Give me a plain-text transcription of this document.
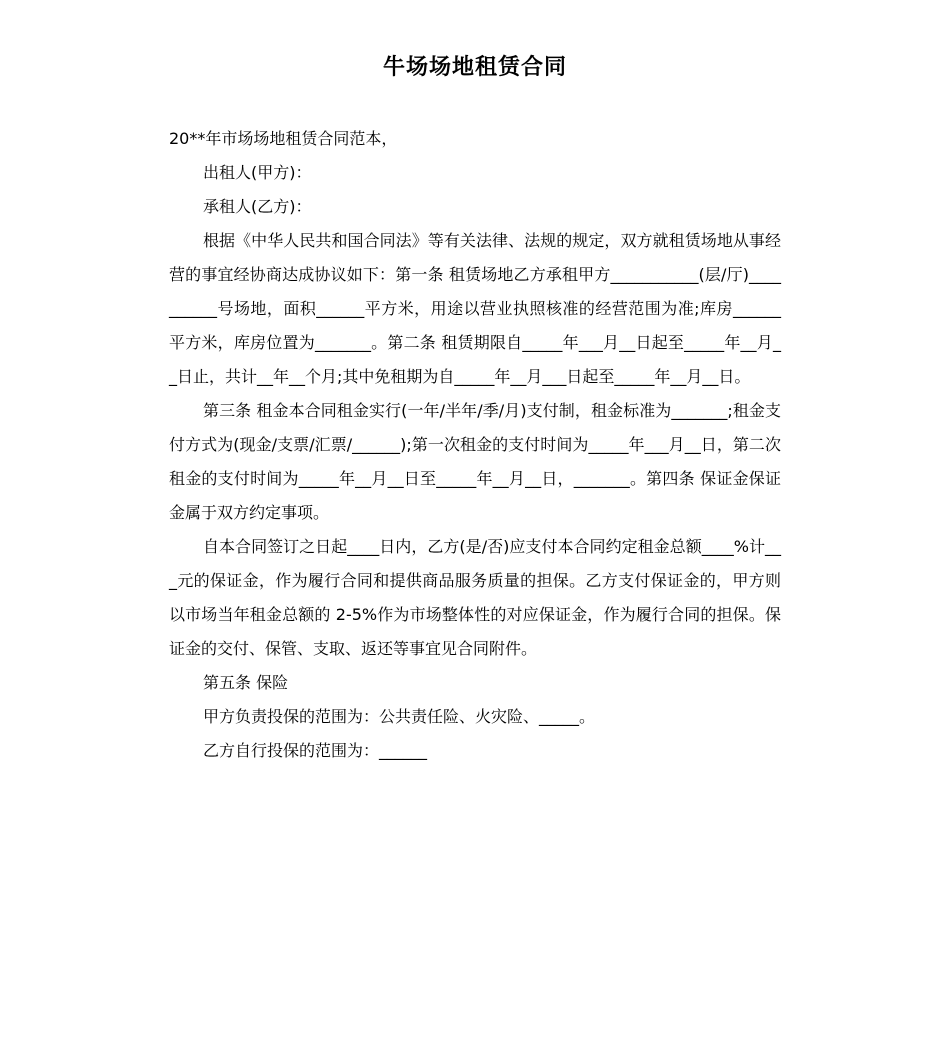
牛场场地租赁合同

20**年市场场地租赁合同范本，

出租人(甲方)：

承租人(乙方)：

根据《中华人民共和国合同法》等有关法律、法规的规定，双方就租赁场地从事经营的事宜经协商达成协议如下：第一条 租赁场地乙方承租甲方___________(层/厅)__________号场地，面积______平方米，用途以营业执照核准的经营范围为准;库房______平方米，库房位置为_______。第二条 租赁期限自_____年___月__日起至_____年__月__日止，共计__年__个月;其中免租期为自_____年__月___日起至_____年__月__日。

第三条 租金本合同租金实行(一年/半年/季/月)支付制，租金标准为_______;租金支付方式为(现金/支票/汇票/______);第一次租金的支付时间为_____年___月__日，第二次租金的支付时间为_____年__月__日至_____年__月__日，_______。第四条 保证金保证金属于双方约定事项。

自本合同签订之日起____日内，乙方(是/否)应支付本合同约定租金总额____%计___元的保证金，作为履行合同和提供商品服务质量的担保。乙方支付保证金的，甲方则以市场当年租金总额的 2-5%作为市场整体性的对应保证金，作为履行合同的担保。保证金的交付、保管、支取、返还等事宜见合同附件。

第五条 保险

甲方负责投保的范围为：公共责任险、火灾险、_____。

乙方自行投保的范围为：______
